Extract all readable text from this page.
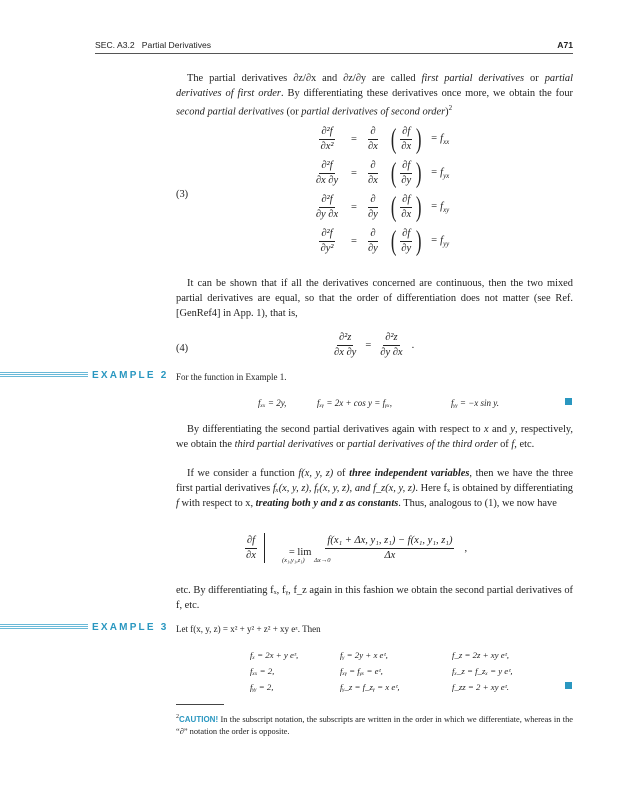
SEC. A3.2   Partial Derivatives	A71
The partial derivatives ∂z/∂x and ∂z/∂y are called first partial derivatives or partial derivatives of first order. By differentiating these derivatives once more, we obtain the four second partial derivatives (or partial derivatives of second order)$^2$
(3)
$\frac{\text{∂²f}}{\text{∂x²}} = \frac{\partial}{\partial x}$ ( $\frac{\partial f}{\partial x}$ ) = $f_{xx}$
$\frac{\text{∂²f}}{\partial x \partial y} = \frac{\partial}{\partial x}$ ( $\frac{\partial f}{\partial y}$ ) = $f_{yx}$
$\frac{\text{∂²f}}{\partial y \partial x} = \frac{\partial}{\partial y}$ ( $\frac{\partial f}{\partial x}$ ) = $f_{xy}$
$\frac{\text{∂²f}}{\text{∂y²}} = \frac{\partial}{\partial y}$ ( $\frac{\partial f}{\partial y}$ ) = $f_{yy}$
It can be shown that if all the derivatives concerned are continuous, then the two mixed partial derivatives are equal, so that the order of differentiation does not matter (see Ref. [GenRef4] in App. 1), that is,
(4)	$\frac{\text{∂²z}}{\partial x \partial y} = \frac{\text{∂²z}}{\partial y \partial x}$ .
EXAMPLE 2 For the function in Example 1.
fₓₓ = 2y,	fₓᵧ = 2x + cos y = fᵧₓ,	fᵧᵧ = −x sin y.
By differentiating the second partial derivatives again with respect to x and y, respectively, we obtain the third partial derivatives or partial derivatives of the third order of f, etc.
If we consider a function f(x, y, z) of three independent variables, then we have the three first partial derivatives fₓ(x, y, z), fᵧ(x, y, z), and f_z(x, y, z). Here fₓ is obtained by differentiating f with respect to x, treating both y and z as constants. Thus, analogous to (1), we now have
$\frac{\partial f}{\partial x}$	= $\lim \frac{\text{f(x₁ + Δx, y₁, z₁) − f(x₁, y₁, z₁)}}{\Delta x}$ ,
(x₁,y₁,z₁) Δx→0
etc. By differentiating fₓ, fᵧ, f_z again in this fashion we obtain the second partial derivatives of f, etc.
EXAMPLE 3 Let f(x, y, z) = x² + y² + z² + xy eᶻ. Then
fₓ = 2x + y eᶻ,	fᵧ = 2y + x eᶻ,	f_z = 2z + xy eᶻ,
fₓₓ = 2,	fₓᵧ = fᵧₓ = eᶻ,	fₓ_z = f_zₓ = y eᶻ,
fᵧᵧ = 2,	fᵧ_z = f_zᵧ = x eᶻ,	f_zz = 2 + xy eᶻ.
$^2$CAUTION! In the subscript notation, the subscripts are written in the order in which we differentiate, whereas in the “∂” notation the order is opposite.
